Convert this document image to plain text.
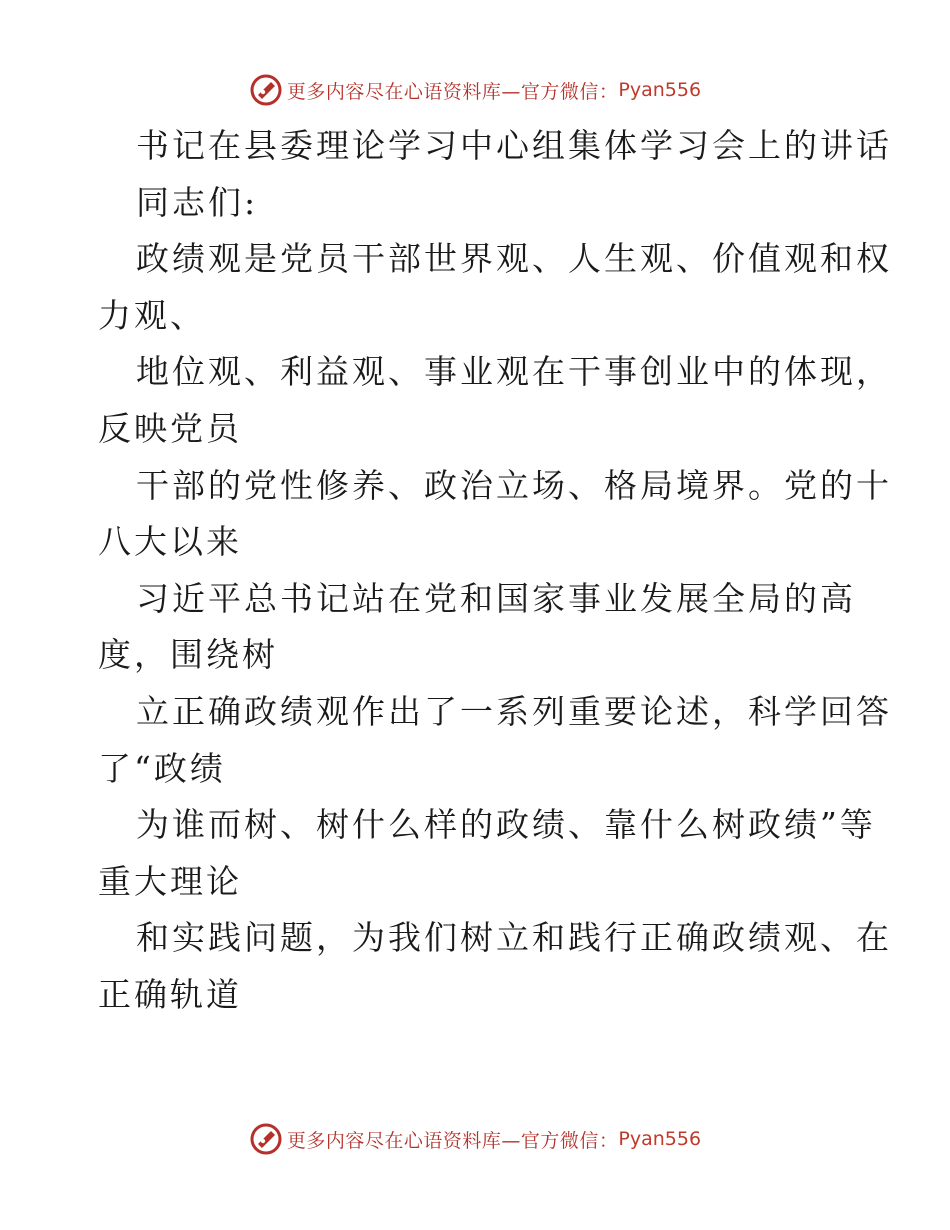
更多内容尽在心语资料库—官方微信： Pyan556
书记在县委理论学习中心组集体学习会上的讲话
同志们:
政绩观是党员干部世界观、人生观、价值观和权
力观、
地位观、利益观、事业观在干事创业中的体现，
反映党员
干部的党性修养、政治立场、格局境界。党的十
八大以来
习近平总书记站在党和国家事业发展全局的高
度，围绕树
立正确政绩观作出了一系列重要论述，科学回答
了“政绩
为谁而树、树什么样的政绩、靠什么树政绩”等
重大理论
和实践问题，为我们树立和践行正确政绩观、在
正确轨道
更多内容尽在心语资料库—官方微信： Pyan556
